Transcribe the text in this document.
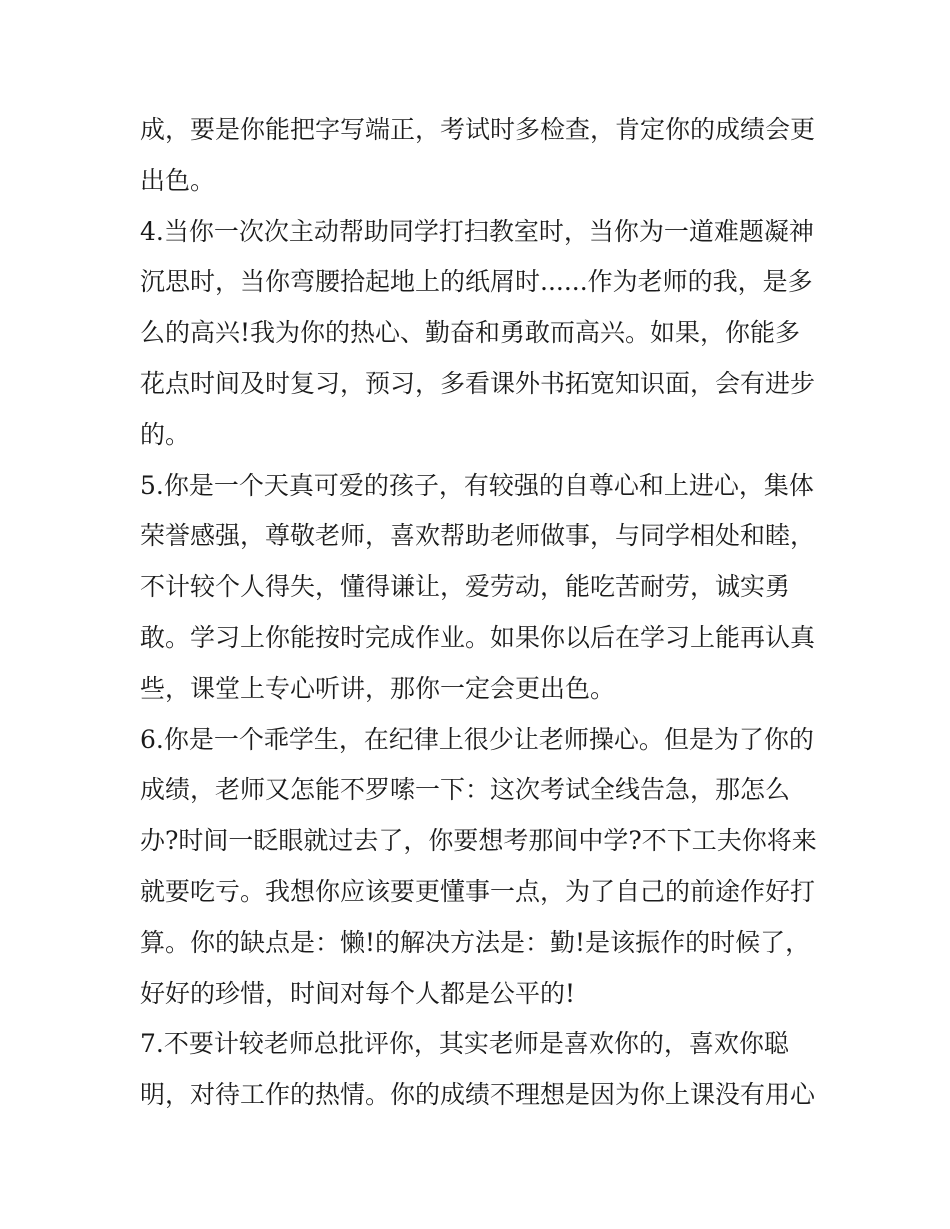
成，要是你能把字写端正，考试时多检查，肯定你的成绩会更
出色。
4.当你一次次主动帮助同学打扫教室时，当你为一道难题凝神
沉思时，当你弯腰拾起地上的纸屑时......作为老师的我，是多
么的高兴!我为你的热心、勤奋和勇敢而高兴。如果，你能多
花点时间及时复习，预习，多看课外书拓宽知识面，会有进步
的。
5.你是一个天真可爱的孩子，有较强的自尊心和上进心，集体
荣誉感强，尊敬老师，喜欢帮助老师做事，与同学相处和睦，
不计较个人得失，懂得谦让，爱劳动，能吃苦耐劳，诚实勇
敢。学习上你能按时完成作业。如果你以后在学习上能再认真
些，课堂上专心听讲，那你一定会更出色。
6.你是一个乖学生，在纪律上很少让老师操心。但是为了你的
成绩，老师又怎能不罗嗦一下：这次考试全线告急，那怎么
办?时间一眨眼就过去了，你要想考那间中学?不下工夫你将来
就要吃亏。我想你应该要更懂事一点，为了自己的前途作好打
算。你的缺点是：懒!的解决方法是：勤!是该振作的时候了，
好好的珍惜，时间对每个人都是公平的!
7.不要计较老师总批评你，其实老师是喜欢你的，喜欢你聪
明，对待工作的热情。你的成绩不理想是因为你上课没有用心
